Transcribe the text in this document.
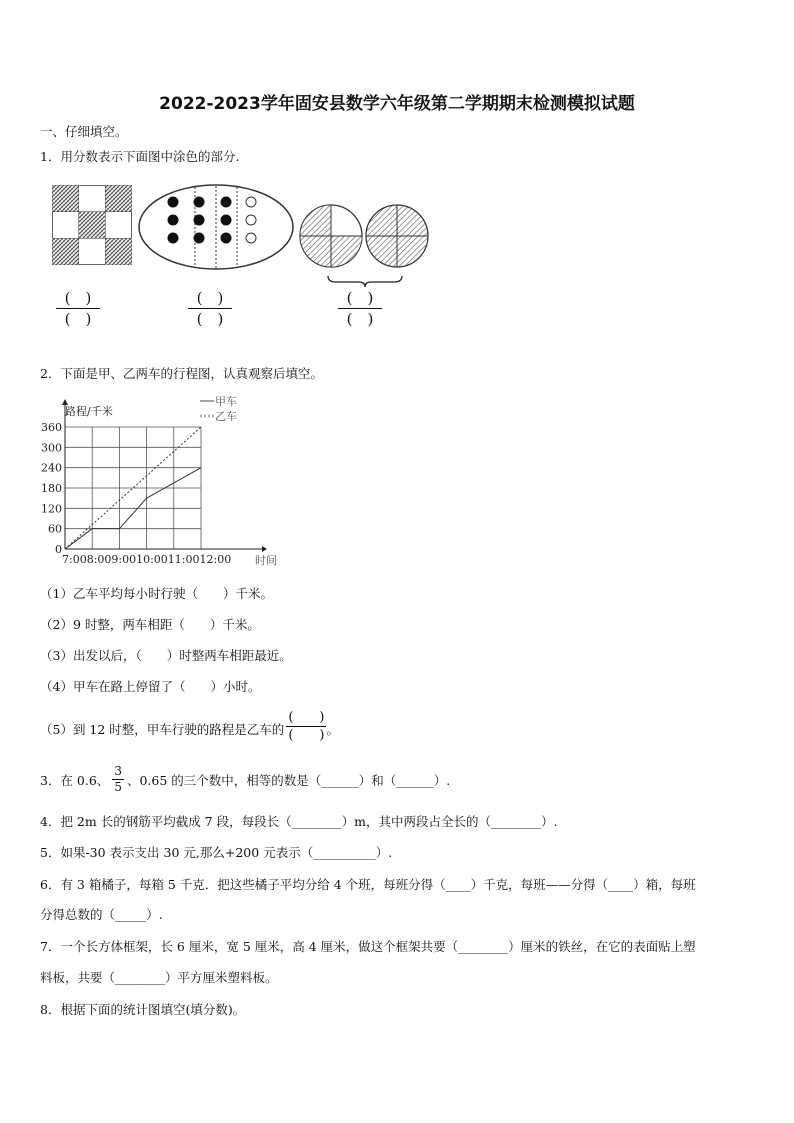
2022-2023学年固安县数学六年级第二学期期末检测模拟试题
一、仔细填空。
1．用分数表示下面图中涂色的部分.
(　)
(　)
(　)
(　)
(　)
(　)
2．下面是甲、乙两车的行程图，认真观察后填空。
0
60
120
180
240
300
360
7:008:009:0010:0011:0012:00 时间
路程/千米
甲车
乙车
（1）乙车平均每小时行驶（　　）千米。
（2）9 时整，两车相距（　　）千米。
（3）出发以后，（　　）时整两车相距最近。
（4）甲车在路上停留了（　　）小时。
（5）到 12 时整，甲车行驶的路程是乙车的 $\frac{( )}{( )}$ 。
3．在 0.6、 $\frac{3}{5}$ 、0.65 的三个数中，相等的数是（______）和（______）.
4．把 2m 长的钢筋平均截成 7 段，每段长（________）m，其中两段占全长的（________）.
5．如果-30 表示支出 30 元,那么+200 元表示（__________）.
6．有 3 箱橘子，每箱 5 千克．把这些橘子平均分给 4 个班，每班分得（____）千克，每班——分得（____）箱，每班
分得总数的（_____）.
7．一个长方体框架，长 6 厘米，宽 5 厘米，高 4 厘米，做这个框架共要（________）厘米的铁丝，在它的表面贴上塑
料板，共要（________）平方厘米塑料板。
8．根据下面的统计图填空(填分数)。
